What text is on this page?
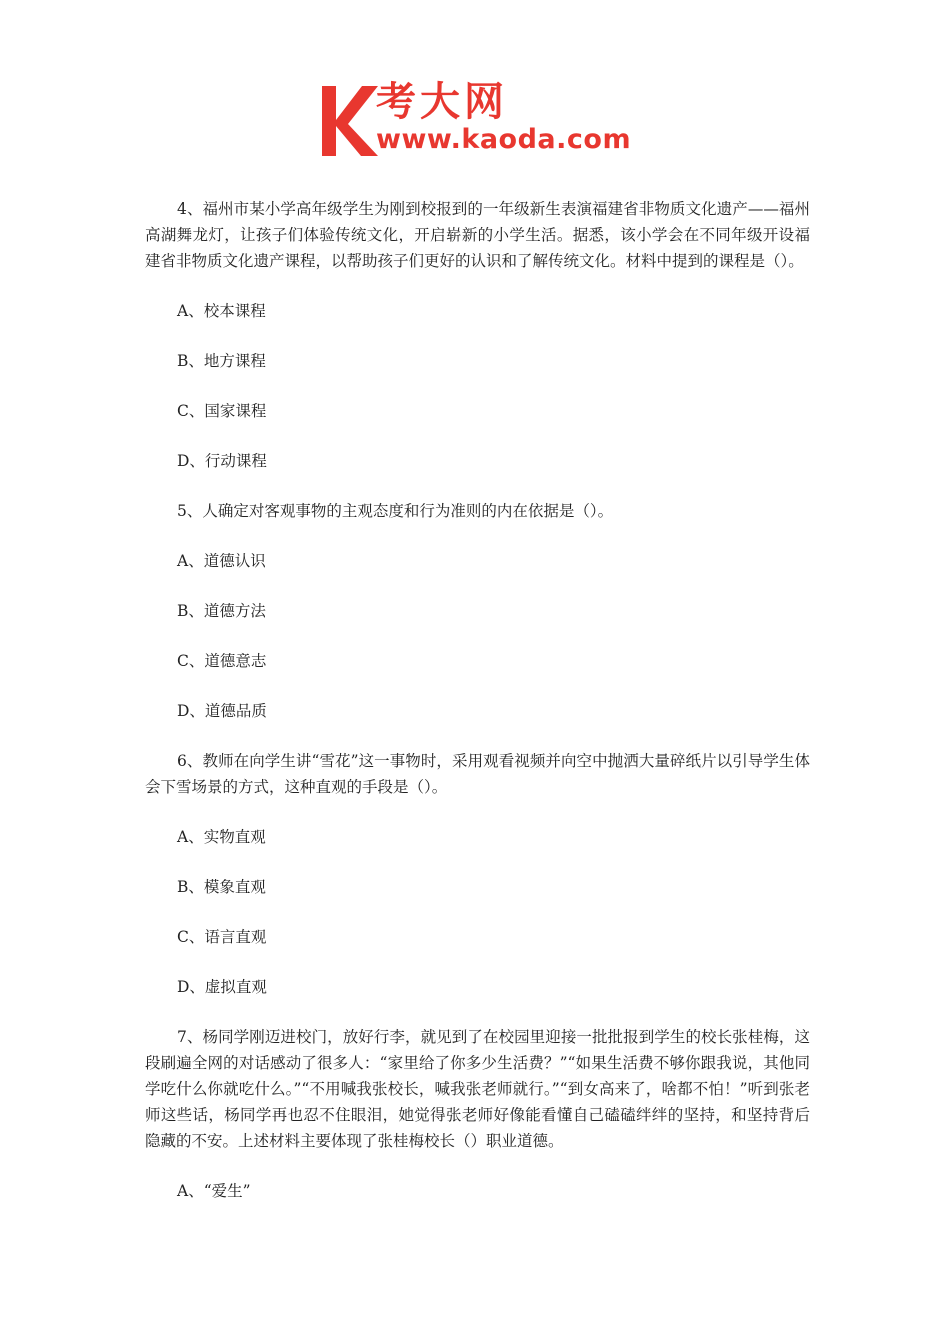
考大网
www.kaoda.com

4、福州市某小学高年级学生为刚到校报到的一年级新生表演福建省非物质文化遗产——福州高湖舞龙灯，让孩子们体验传统文化，开启崭新的小学生活。据悉，该小学会在不同年级开设福建省非物质文化遗产课程，以帮助孩子们更好的认识和了解传统文化。材料中提到的课程是（）。

A、校本课程

B、地方课程

C、国家课程

D、行动课程

5、人确定对客观事物的主观态度和行为准则的内在依据是（）。

A、道德认识

B、道德方法

C、道德意志

D、道德品质

6、教师在向学生讲“雪花”这一事物时，采用观看视频并向空中抛洒大量碎纸片以引导学生体会下雪场景的方式，这种直观的手段是（）。

A、实物直观

B、模象直观

C、语言直观

D、虚拟直观

7、杨同学刚迈进校门，放好行李，就见到了在校园里迎接一批批报到学生的校长张桂梅，这段刷遍全网的对话感动了很多人：“家里给了你多少生活费？”“如果生活费不够你跟我说，其他同学吃什么你就吃什么。”“不用喊我张校长，喊我张老师就行。”“到女高来了，啥都不怕！”听到张老师这些话，杨同学再也忍不住眼泪，她觉得张老师好像能看懂自己磕磕绊绊的坚持，和坚持背后隐藏的不安。上述材料主要体现了张桂梅校长（）职业道德。

A、“爱生”
